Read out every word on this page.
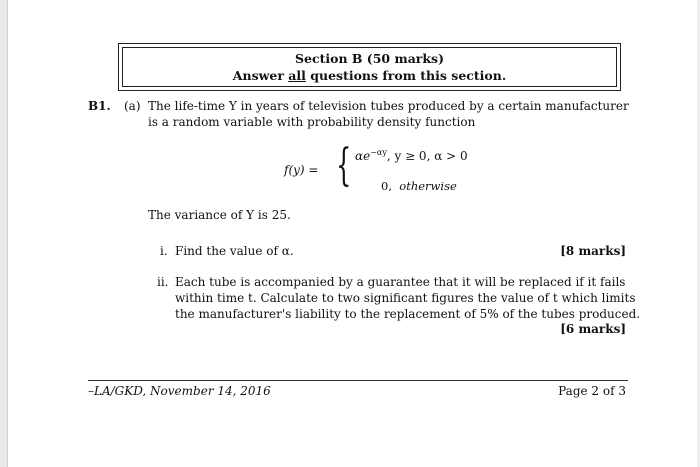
Section B (50 marks)
Answer all questions from this section.
B1. (a) The life-time Y in years of television tubes produced by a certain manufacturer
is a random variable with probability density function
f(y) = { $\alpha e^{-\alpha y}$, y ≥ 0, α > 0
0, otherwise
The variance of Y is 25.
i. Find the value of α.	[8 marks]
ii. Each tube is accompanied by a guarantee that it will be replaced if it fails
within time t. Calculate to two significant figures the value of t which limits
the manufacturer's liability to the replacement of 5% of the tubes produced.
[6 marks]
–LA/GKD, November 14, 2016	Page 2 of 3
